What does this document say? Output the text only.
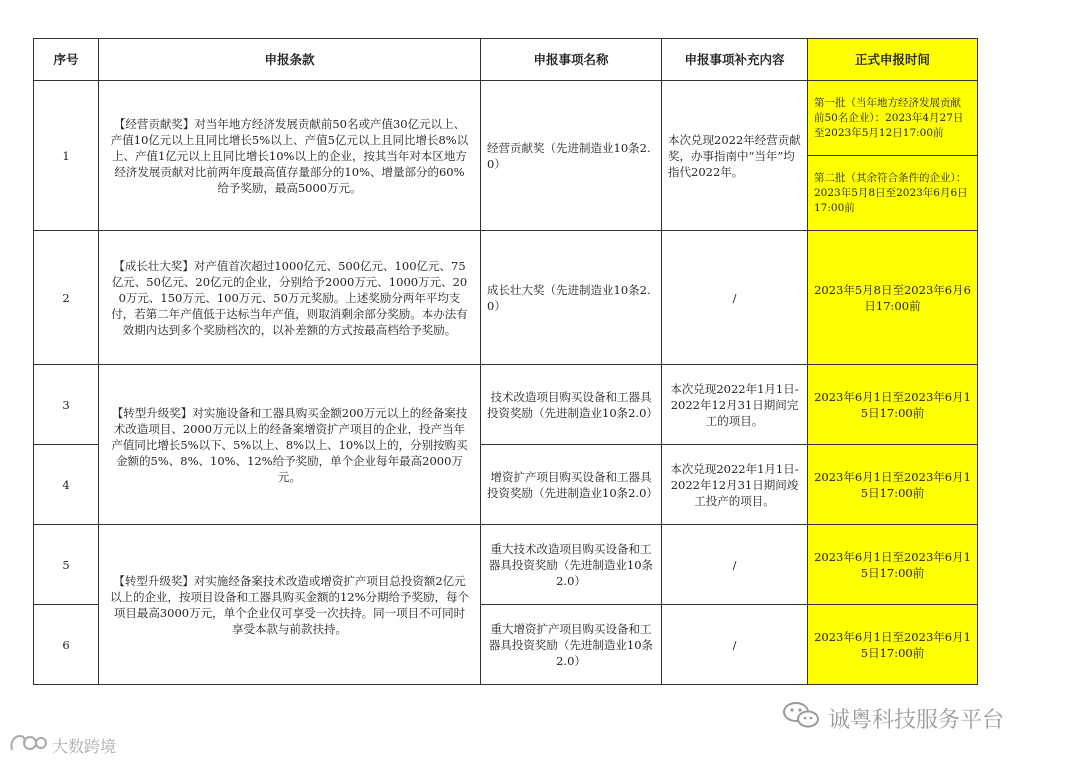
序号	申报条款	申报事项名称	申报事项补充内容	正式申报时间
1	【经营贡献奖】对当年地方经济发展贡献前50名或产值30亿元以上、产值10亿元以上且同比增长5%以上、产值5亿元以上且同比增长8%以上、产值1亿元以上且同比增长10%以上的企业，按其当年对本区地方经济发展贡献对比前两年度最高值存量部分的10%、增量部分的60%给予奖励，最高5000万元。	经营贡献奖（先进制造业10条2.0）	本次兑现2022年经营贡献奖，办事指南中“当年”均指代2022年。	第一批（当年地方经济发展贡献前50名企业）：2023年4月27日至2023年5月12日17:00前
				第二批（其余符合条件的企业）：2023年5月8日至2023年6月6日17:00前
2	【成长壮大奖】对产值首次超过1000亿元、500亿元、100亿元、75亿元、50亿元、20亿元的企业，分别给予2000万元、1000万元、200万元、150万元、100万元、50万元奖励。上述奖励分两年平均支付，若第二年产值低于达标当年产值，则取消剩余部分奖励。本办法有效期内达到多个奖励档次的，以补差额的方式按最高档给予奖励。	成长壮大奖（先进制造业10条2.0）	/	2023年5月8日至2023年6月6日17:00前
3	【转型升级奖】对实施设备和工器具购买金额200万元以上的经备案技术改造项目、2000万元以上的经备案增资扩产项目的企业，投产当年产值同比增长5%以下、5%以上、8%以上、10%以上的，分别按购买金额的5%、8%、10%、12%给予奖励，单个企业每年最高2000万元。	技术改造项目购买设备和工器具投资奖励（先进制造业10条2.0）	本次兑现2022年1月1日-2022年12月31日期间完工的项目。	2023年6月1日至2023年6月15日17:00前
4		增资扩产项目购买设备和工器具投资奖励（先进制造业10条2.0）	本次兑现2022年1月1日-2022年12月31日期间竣工投产的项目。	2023年6月1日至2023年6月15日17:00前
5	【转型升级奖】对实施经备案技术改造或增资扩产项目总投资额2亿元以上的企业，按项目设备和工器具购买金额的12%分期给予奖励，每个项目最高3000万元，单个企业仅可享受一次扶持。同一项目不可同时享受本款与前款扶持。	重大技术改造项目购买设备和工器具投资奖励（先进制造业10条2.0）	/	2023年6月1日至2023年6月15日17:00前
6		重大增资扩产项目购买设备和工器具投资奖励（先进制造业10条2.0）	/	2023年6月1日至2023年6月15日17:00前
大数跨境
诚粤科技服务平台
